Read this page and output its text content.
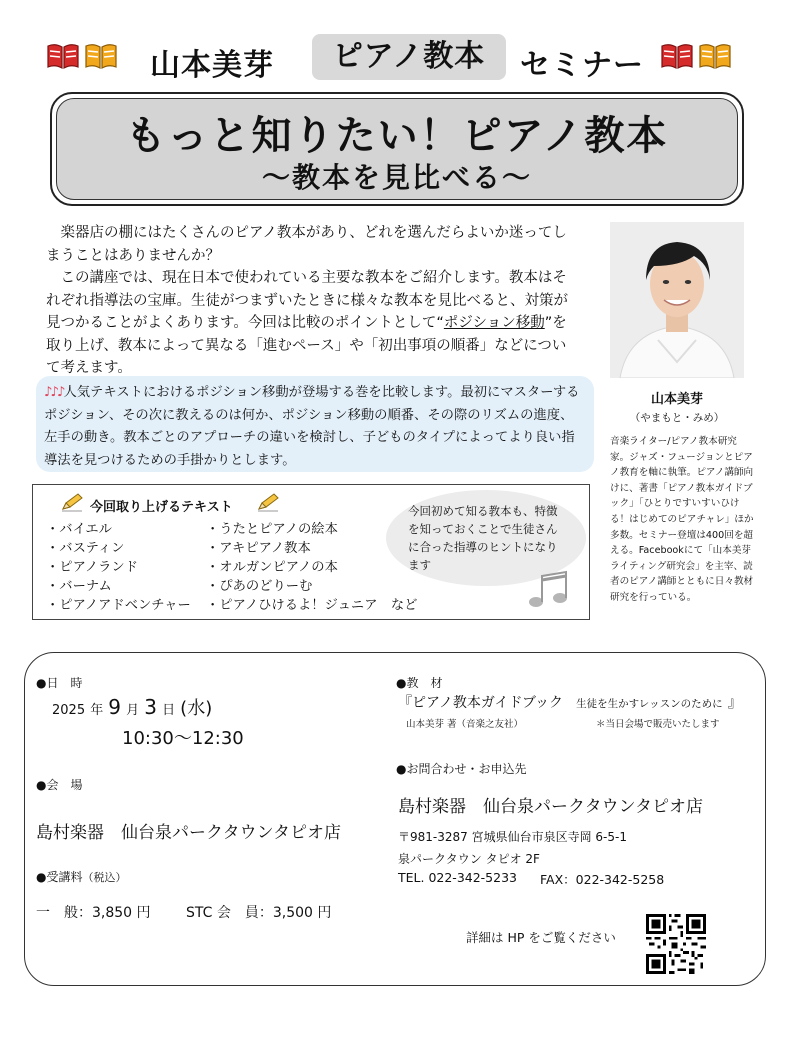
山本美芽	ピアノ教本	セミナー
もっと知りたい！ピアノ教本
～教本を見比べる～

楽器店の棚にはたくさんのピアノ教本があり、どれを選んだらよいか迷ってしまうことはありませんか？

この講座では、現在日本で使われている主要な教本をご紹介します。教本はそれぞれ指導法の宝庫。生徒がつまずいたときに様々な教本を見比べると、対策が見つかることがよくあります。今回は比較のポイントとして“ポジション移動”を取り上げ、教本によって異なる「進むペース」や「初出事項の順番」などについて考えます。

山本美芽
（やまもと・みめ）
音楽ライター/ピアノ教本研究家。ジャズ・フュージョンとピアノ教育を軸に執筆。ピアノ講師向けに、著書「ピアノ教本ガイドブック」「ひとりですいすいひける！はじめてのピアチャレ」ほか多数。セミナー登壇は400回を超える。Facebookにて「山本美芽ライティング研究会」を主宰、読者のピアノ講師とともに日々教材研究を行っている。
♪♪♪人気テキストにおけるポジション移動が登場する巻を比較します。最初にマスターするポジション、その次に教えるのは何か、ポジション移動の順番、その際のリズムの進度、左手の動き。教本ごとのアプローチの違いを検討し、子どものタイプによってより良い指導法を見つけるための手掛かりとします。
今回取り上げるテキスト
・バイエル
・バスティン
・ピアノランド
・バーナム
・ピアノアドベンチャー
・うたとピアノの絵本
・アキピアノ教本
・オルガンピアノの本
・ぴあのどりーむ
・ピアノひけるよ！ジュニア　など
今回初めて知る教本も、特徴を知っておくことで生徒さんに合った指導のヒントになります
●日　時
2025 年 9 月 3 日 (水)
10:30～12:30
●会　場
島村楽器　仙台泉パークタウンタピオ店
●受講料（税込）
一　般：3,850 円	STC 会　員：3,500 円
●教　材
『ピアノ教本ガイドブック 生徒を生かすレッスンのために 』
山本美芽 著（音楽之友社）	＊当日会場で販売いたします
●お問合わせ・お申込先
島村楽器　仙台泉パークタウンタピオ店
〒981-3287 宮城県仙台市泉区寺岡 6-5-1
泉パークタウン タピオ 2F
TEL. 022-342-5233 FAX：022-342-5258
詳細は HP をご覧ください
